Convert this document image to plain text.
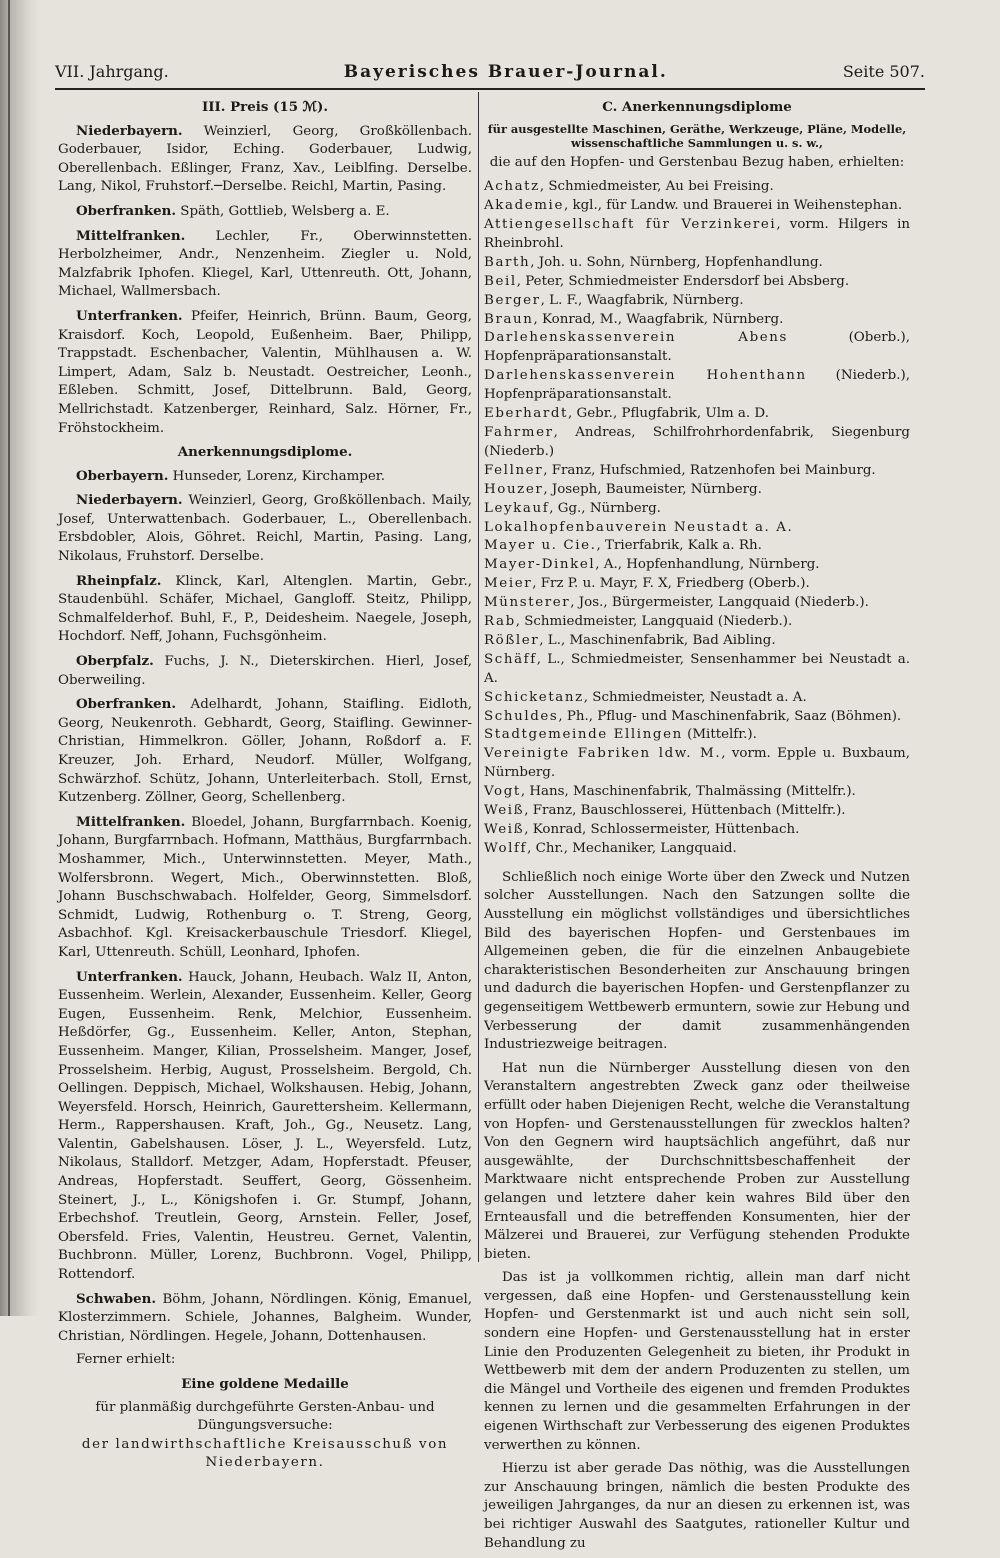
VII. Jahrgang.	Bayerisches Brauer-Journal.	Seite 507.
III. Preis (15 ℳ).

Niederbayern. Weinzierl, Georg, Großköllenbach. Goderbauer, Isidor, Eching. Goderbauer, Ludwig, Oberellenbach. Eßlinger, Franz, Xav., Leiblfing. Derselbe. Lang, Nikol, Fruhstorf.─Derselbe. Reichl, Martin, Pasing.

Oberfranken. Späth, Gottlieb, Welsberg a. E.

Mittelfranken. Lechler, Fr., Oberwinnstetten. Herbolzheimer, Andr., Nenzenheim. Ziegler u. Nold, Malzfabrik Iphofen. Kliegel, Karl, Uttenreuth. Ott, Johann, Michael, Wallmersbach.

Unterfranken. Pfeifer, Heinrich, Brünn. Baum, Georg, Kraisdorf. Koch, Leopold, Eußenheim. Baer, Philipp, Trappstadt. Eschenbacher, Valentin, Mühlhausen a. W. Limpert, Adam, Salz b. Neustadt. Oestreicher, Leonh., Eßleben. Schmitt, Josef, Dittelbrunn. Bald, Georg, Mellrichstadt. Katzenberger, Reinhard, Salz. Hörner, Fr., Fröhstockheim.

Anerkennungsdiplome.

Oberbayern. Hunseder, Lorenz, Kirchamper.

Niederbayern. Weinzierl, Georg, Großköllenbach. Maily, Josef, Unterwattenbach. Goderbauer, L., Oberellenbach. Ersbdobler, Alois, Göhret. Reichl, Martin, Pasing. Lang, Nikolaus, Fruhstorf. Derselbe.

Rheinpfalz. Klinck, Karl, Altenglen. Martin, Gebr., Staudenbühl. Schäfer, Michael, Gangloff. Steitz, Philipp, Schmalfelderhof. Buhl, F., P., Deidesheim. Naegele, Joseph, Hochdorf. Neff, Johann, Fuchsgönheim.

Oberpfalz. Fuchs, J. N., Dieterskirchen. Hierl, Josef, Oberweiling.

Oberfranken. Adelhardt, Johann, Staifling. Eidloth, Georg, Neukenroth. Gebhardt, Georg, Staifling. Gewinner-Christian, Himmelkron. Göller, Johann, Roßdorf a. F. Kreuzer, Joh. Erhard, Neudorf. Müller, Wolfgang, Schwärzhof. Schütz, Johann, Unterleiterbach. Stoll, Ernst, Kutzenberg. Zöllner, Georg, Schellenberg.

Mittelfranken. Bloedel, Johann, Burgfarrnbach. Koenig, Johann, Burgfarrnbach. Hofmann, Matthäus, Burgfarrnbach. Moshammer, Mich., Unterwinnstetten. Meyer, Math., Wolfersbronn. Wegert, Mich., Oberwinnstetten. Bloß, Johann Buschschwabach. Holfelder, Georg, Simmelsdorf. Schmidt, Ludwig, Rothenburg o. T. Streng, Georg, Asbachhof. Kgl. Kreisackerbauschule Triesdorf. Kliegel, Karl, Uttenreuth. Schüll, Leonhard, Iphofen.

Unterfranken. Hauck, Johann, Heubach. Walz II, Anton, Eussenheim. Werlein, Alexander, Eussenheim. Keller, Georg Eugen, Eussenheim. Renk, Melchior, Eussenheim. Heßdörfer, Gg., Eussenheim. Keller, Anton, Stephan, Eussenheim. Manger, Kilian, Prosselsheim. Manger, Josef, Prosselsheim. Herbig, August, Prosselsheim. Bergold, Ch. Oellingen. Deppisch, Michael, Wolkshausen. Hebig, Johann, Weyersfeld. Horsch, Heinrich, Gaurettersheim. Kellermann, Herm., Rappershausen. Kraft, Joh., Gg., Neusetz. Lang, Valentin, Gabelshausen. Löser, J. L., Weyersfeld. Lutz, Nikolaus, Stalldorf. Metzger, Adam, Hopferstadt. Pfeuser, Andreas, Hopferstadt. Seuffert, Georg, Gössenheim. Steinert, J., L., Königshofen i. Gr. Stumpf, Johann, Erbechshof. Treutlein, Georg, Arnstein. Feller, Josef, Obersfeld. Fries, Valentin, Heustreu. Gernet, Valentin, Buchbronn. Müller, Lorenz, Buchbronn. Vogel, Philipp, Rottendorf.

Schwaben. Böhm, Johann, Nördlingen. König, Emanuel, Klosterzimmern. Schiele, Johannes, Balgheim. Wunder, Christian, Nördlingen. Hegele, Johann, Dottenhausen.

Ferner erhielt:

Eine goldene Medaille
für planmäßig durchgeführte Gersten-Anbau- und Düngungsversuche:
der landwirthschaftliche Kreisausschuß von
Niederbayern.
C. Anerkennungsdiplome
für ausgestellte Maschinen, Geräthe, Werkzeuge, Pläne, Modelle, wissenschaftliche Sammlungen u. s. w.,
die auf den Hopfen- und Gerstenbau Bezug haben, erhielten:
Achatz, Schmiedmeister, Au bei Freising.
Akademie, kgl., für Landw. und Brauerei in Weihenstephan.
Attiengesellschaft für Verzinkerei, vorm. Hilgers in Rheinbrohl.
Barth, Joh. u. Sohn, Nürnberg, Hopfenhandlung.
Beil, Peter, Schmiedmeister Endersdorf bei Absberg.
Berger, L. F., Waagfabrik, Nürnberg.
Braun, Konrad, M., Waagfabrik, Nürnberg.
Darlehenskassenverein Abens (Oberb.), Hopfenpräparationsanstalt.
Darlehenskassenverein Hohenthann (Niederb.), Hopfenpräparationsanstalt.
Eberhardt, Gebr., Pflugfabrik, Ulm a. D.
Fahrmer, Andreas, Schilfrohrhordenfabrik, Siegenburg (Niederb.)
Fellner, Franz, Hufschmied, Ratzenhofen bei Mainburg.
Houzer, Joseph, Baumeister, Nürnberg.
Leykauf, Gg., Nürnberg.
Lokalhopfenbauverein Neustadt a. A.
Mayer u. Cie., Trierfabrik, Kalk a. Rh.
Mayer-Dinkel, A., Hopfenhandlung, Nürnberg.
Meier, Frz P. u. Mayr, F. X, Friedberg (Oberb.).
Münsterer, Jos., Bürgermeister, Langquaid (Niederb.).
Rab, Schmiedmeister, Langquaid (Niederb.).
Rößler, L., Maschinenfabrik, Bad Aibling.
Schäff, L., Schmiedmeister, Sensenhammer bei Neustadt a. A.
Schicketanz, Schmiedmeister, Neustadt a. A.
Schuldes, Ph., Pflug- und Maschinenfabrik, Saaz (Böhmen).
Stadtgemeinde Ellingen (Mittelfr.).
Vereinigte Fabriken ldw. M., vorm. Epple u. Buxbaum, Nürnberg.
Vogt, Hans, Maschinenfabrik, Thalmässing (Mittelfr.).
Weiß, Franz, Bauschlosserei, Hüttenbach (Mittelfr.).
Weiß, Konrad, Schlossermeister, Hüttenbach.
Wolff, Chr., Mechaniker, Langquaid.

Schließlich noch einige Worte über den Zweck und Nutzen solcher Ausstellungen. Nach den Satzungen sollte die Ausstellung ein möglichst vollständiges und übersichtliches Bild des bayerischen Hopfen- und Gerstenbaues im Allgemeinen geben, die für die einzelnen Anbaugebiete charakteristischen Besonderheiten zur Anschauung bringen und dadurch die bayerischen Hopfen- und Gerstenpflanzer zu gegenseitigem Wettbewerb ermuntern, sowie zur Hebung und Verbesserung der damit zusammenhängenden Industriezweige beitragen.

Hat nun die Nürnberger Ausstellung diesen von den Veranstaltern angestrebten Zweck ganz oder theilweise erfüllt oder haben Diejenigen Recht, welche die Veranstaltung von Hopfen- und Gerstenausstellungen für zwecklos halten? Von den Gegnern wird hauptsächlich angeführt, daß nur ausgewählte, der Durchschnittsbeschaffenheit der Marktwaare nicht entsprechende Proben zur Ausstellung gelangen und letztere daher kein wahres Bild über den Ernteausfall und die betreffenden Konsumenten, hier der Mälzerei und Brauerei, zur Verfügung stehenden Produkte bieten.

Das ist ja vollkommen richtig, allein man darf nicht vergessen, daß eine Hopfen- und Gerstenausstellung kein Hopfen- und Gerstenmarkt ist und auch nicht sein soll, sondern eine Hopfen- und Gerstenausstellung hat in erster Linie den Produzenten Gelegenheit zu bieten, ihr Produkt in Wettbewerb mit dem der andern Produzenten zu stellen, um die Mängel und Vortheile des eigenen und fremden Produktes kennen zu lernen und die gesammelten Erfahrungen in der eigenen Wirthschaft zur Verbesserung des eigenen Produktes verwerthen zu können.

Hierzu ist aber gerade Das nöthig, was die Ausstellungen zur Anschauung bringen, nämlich die besten Produkte des jeweiligen Jahrganges, da nur an diesen zu erkennen ist, was bei richtiger Auswahl des Saatgutes, rationeller Kultur und Behandlung zu
